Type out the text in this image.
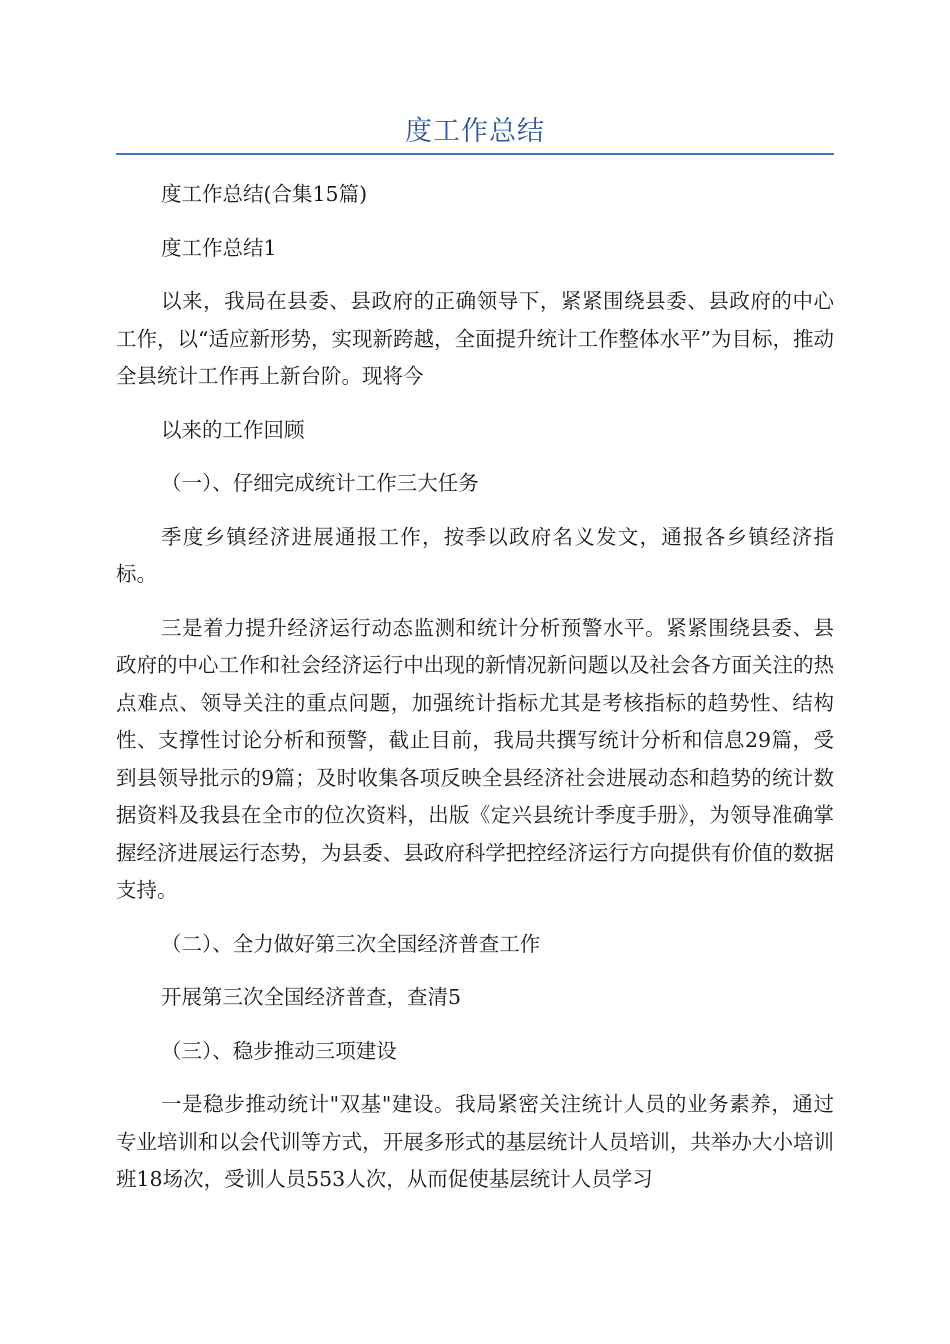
度工作总结

度工作总结(合集15篇)

度工作总结1

以来，我局在县委、县政府的正确领导下，紧紧围绕县委、县政府的中心工作，以“适应新形势，实现新跨越，全面提升统计工作整体水平”为目标，推动全县统计工作再上新台阶。现将今

以来的工作回顾

（一）、仔细完成统计工作三大任务

季度乡镇经济进展通报工作，按季以政府名义发文，通报各乡镇经济指标。

三是着力提升经济运行动态监测和统计分析预警水平。紧紧围绕县委、县政府的中心工作和社会经济运行中出现的新情况新问题以及社会各方面关注的热点难点、领导关注的重点问题，加强统计指标尤其是考核指标的趋势性、结构性、支撑性讨论分析和预警，截止目前，我局共撰写统计分析和信息29篇，受到县领导批示的9篇；及时收集各项反映全县经济社会进展动态和趋势的统计数据资料及我县在全市的位次资料，出版《定兴县统计季度手册》，为领导准确掌握经济进展运行态势，为县委、县政府科学把控经济运行方向提供有价值的数据支持。

（二）、全力做好第三次全国经济普查工作

开展第三次全国经济普查，查清5

（三）、稳步推动三项建设

一是稳步推动统计"双基"建设。我局紧密关注统计人员的业务素养，通过专业培训和以会代训等方式，开展多形式的基层统计人员培训，共举办大小培训班18场次，受训人员553人次，从而促使基层统计人员学习
